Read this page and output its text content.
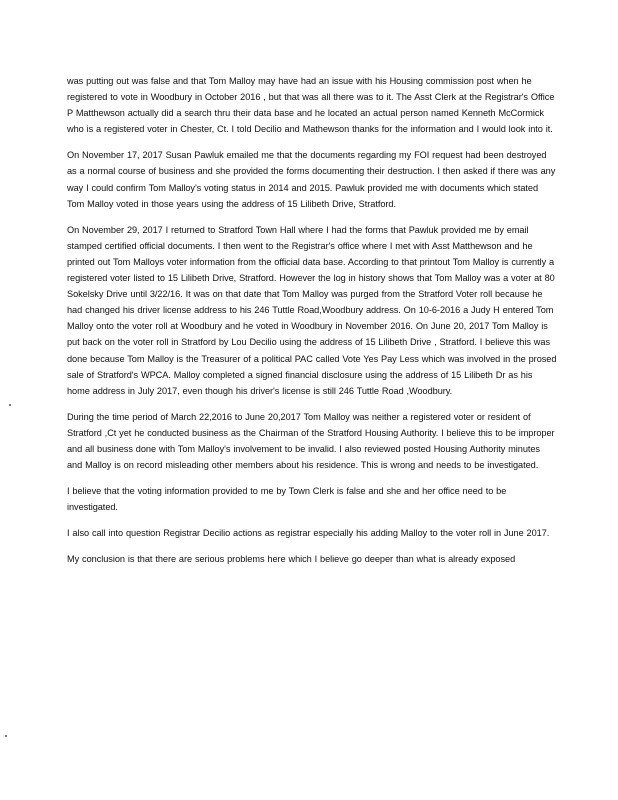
was putting out was false and that Tom Malloy may have had an issue with his Housing commission post when he registered to vote in Woodbury in October 2016 , but that was all there was to it. The Asst Clerk at the Registrar's Office P Matthewson actually did a search thru their data base and he located an actual person named Kenneth McCormick who is a registered voter in Chester, Ct. I told Decilio and Mathewson thanks for the information and I would look into it.

On November 17, 2017 Susan Pawluk emailed me that the documents regarding my FOI request had been destroyed as a normal course of business and she provided the forms documenting their destruction. I then asked if there was any way I could confirm Tom Malloy's voting status in 2014 and 2015. Pawluk provided me with documents which stated Tom Malloy voted in those years using the address of 15 Lilibeth Drive, Stratford.

On November 29, 2017 I returned to Stratford Town Hall where I had the forms that Pawluk provided me by email stamped certified official documents. I then went to the Registrar's office where I met with Asst Matthewson and he printed out Tom Malloys voter information from the official data base. According to that printout Tom Malloy is currently a registered voter listed to 15 Lilibeth Drive, Stratford. However the log in history shows that Tom Malloy was a voter at 80 Sokelsky Drive until 3/22/16. It was on that date that Tom Malloy was purged from the Stratford Voter roll because he had changed his driver license address to his 246 Tuttle Road,Woodbury address. On 10-6-2016 a Judy H entered Tom Malloy onto the voter roll at Woodbury and he voted in Woodbury in November 2016. On June 20, 2017 Tom Malloy is put back on the voter roll in Stratford by Lou Decilio using the address of 15 Lilibeth Drive , Stratford. I believe this was done because Tom Malloy is the Treasurer of a political PAC called Vote Yes Pay Less which was involved in the prosed sale of Stratford's WPCA. Malloy completed a signed financial disclosure using the address of 15 Lilibeth Dr as his home address in July 2017, even though his driver's license is still 246 Tuttle Road ,Woodbury.

During the time period of March 22,2016 to June 20,2017 Tom Malloy was neither a registered voter or resident of Stratford ,Ct yet he conducted business as the Chairman of the Stratford Housing Authority. I believe this to be improper and all business done with Tom Malloy's involvement to be invalid. I also reviewed posted Housing Authority minutes and Malloy is on record misleading other members about his residence. This is wrong and needs to be investigated.

I believe that the voting information provided to me by Town Clerk is false and she and her office need to be investigated.

I also call into question Registrar Decilio actions as registrar especially his adding Malloy to the voter roll in June 2017.

My conclusion is that there are serious problems here which I believe go deeper than what is already exposed
